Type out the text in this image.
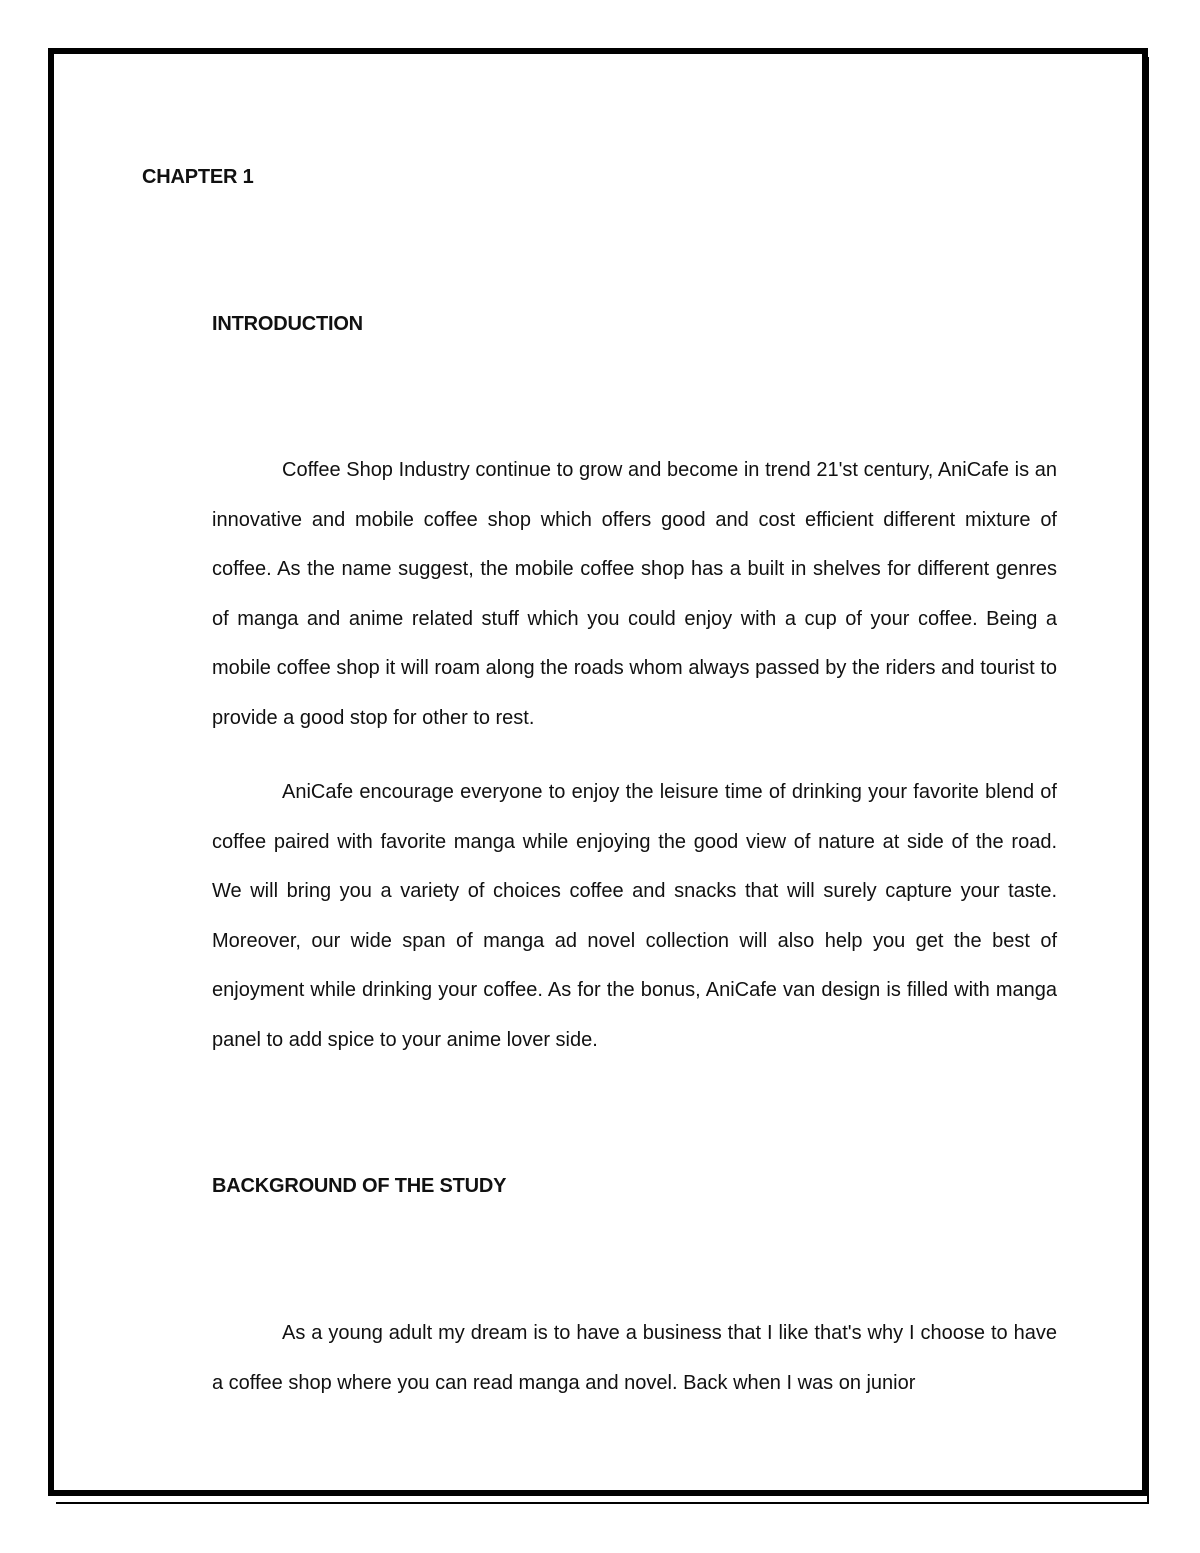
CHAPTER 1
INTRODUCTION

Coffee Shop Industry continue to grow and become in trend 21'st century, AniCafe is an innovative and mobile coffee shop which offers good and cost efficient different mixture of coffee. As the name suggest, the mobile coffee shop has a built in shelves for different genres of manga and anime related stuff which you could enjoy with a cup of your coffee. Being a mobile coffee shop it will roam along the roads whom always passed by the riders and tourist to provide a good stop for other to rest.

AniCafe encourage everyone to enjoy the leisure time of drinking your favorite blend of coffee paired with favorite manga while enjoying the good view of nature at side of the road. We will bring you a variety of choices coffee and snacks that will surely capture your taste. Moreover, our wide span of manga ad novel collection will also help you get the best of enjoyment while drinking your coffee. As for the bonus, AniCafe van design is filled with manga panel to add spice to your anime lover side.

BACKGROUND OF THE STUDY

As a young adult my dream is to have a business that I like that's why I choose to have a coffee shop where you can read manga and novel. Back when I was on junior
